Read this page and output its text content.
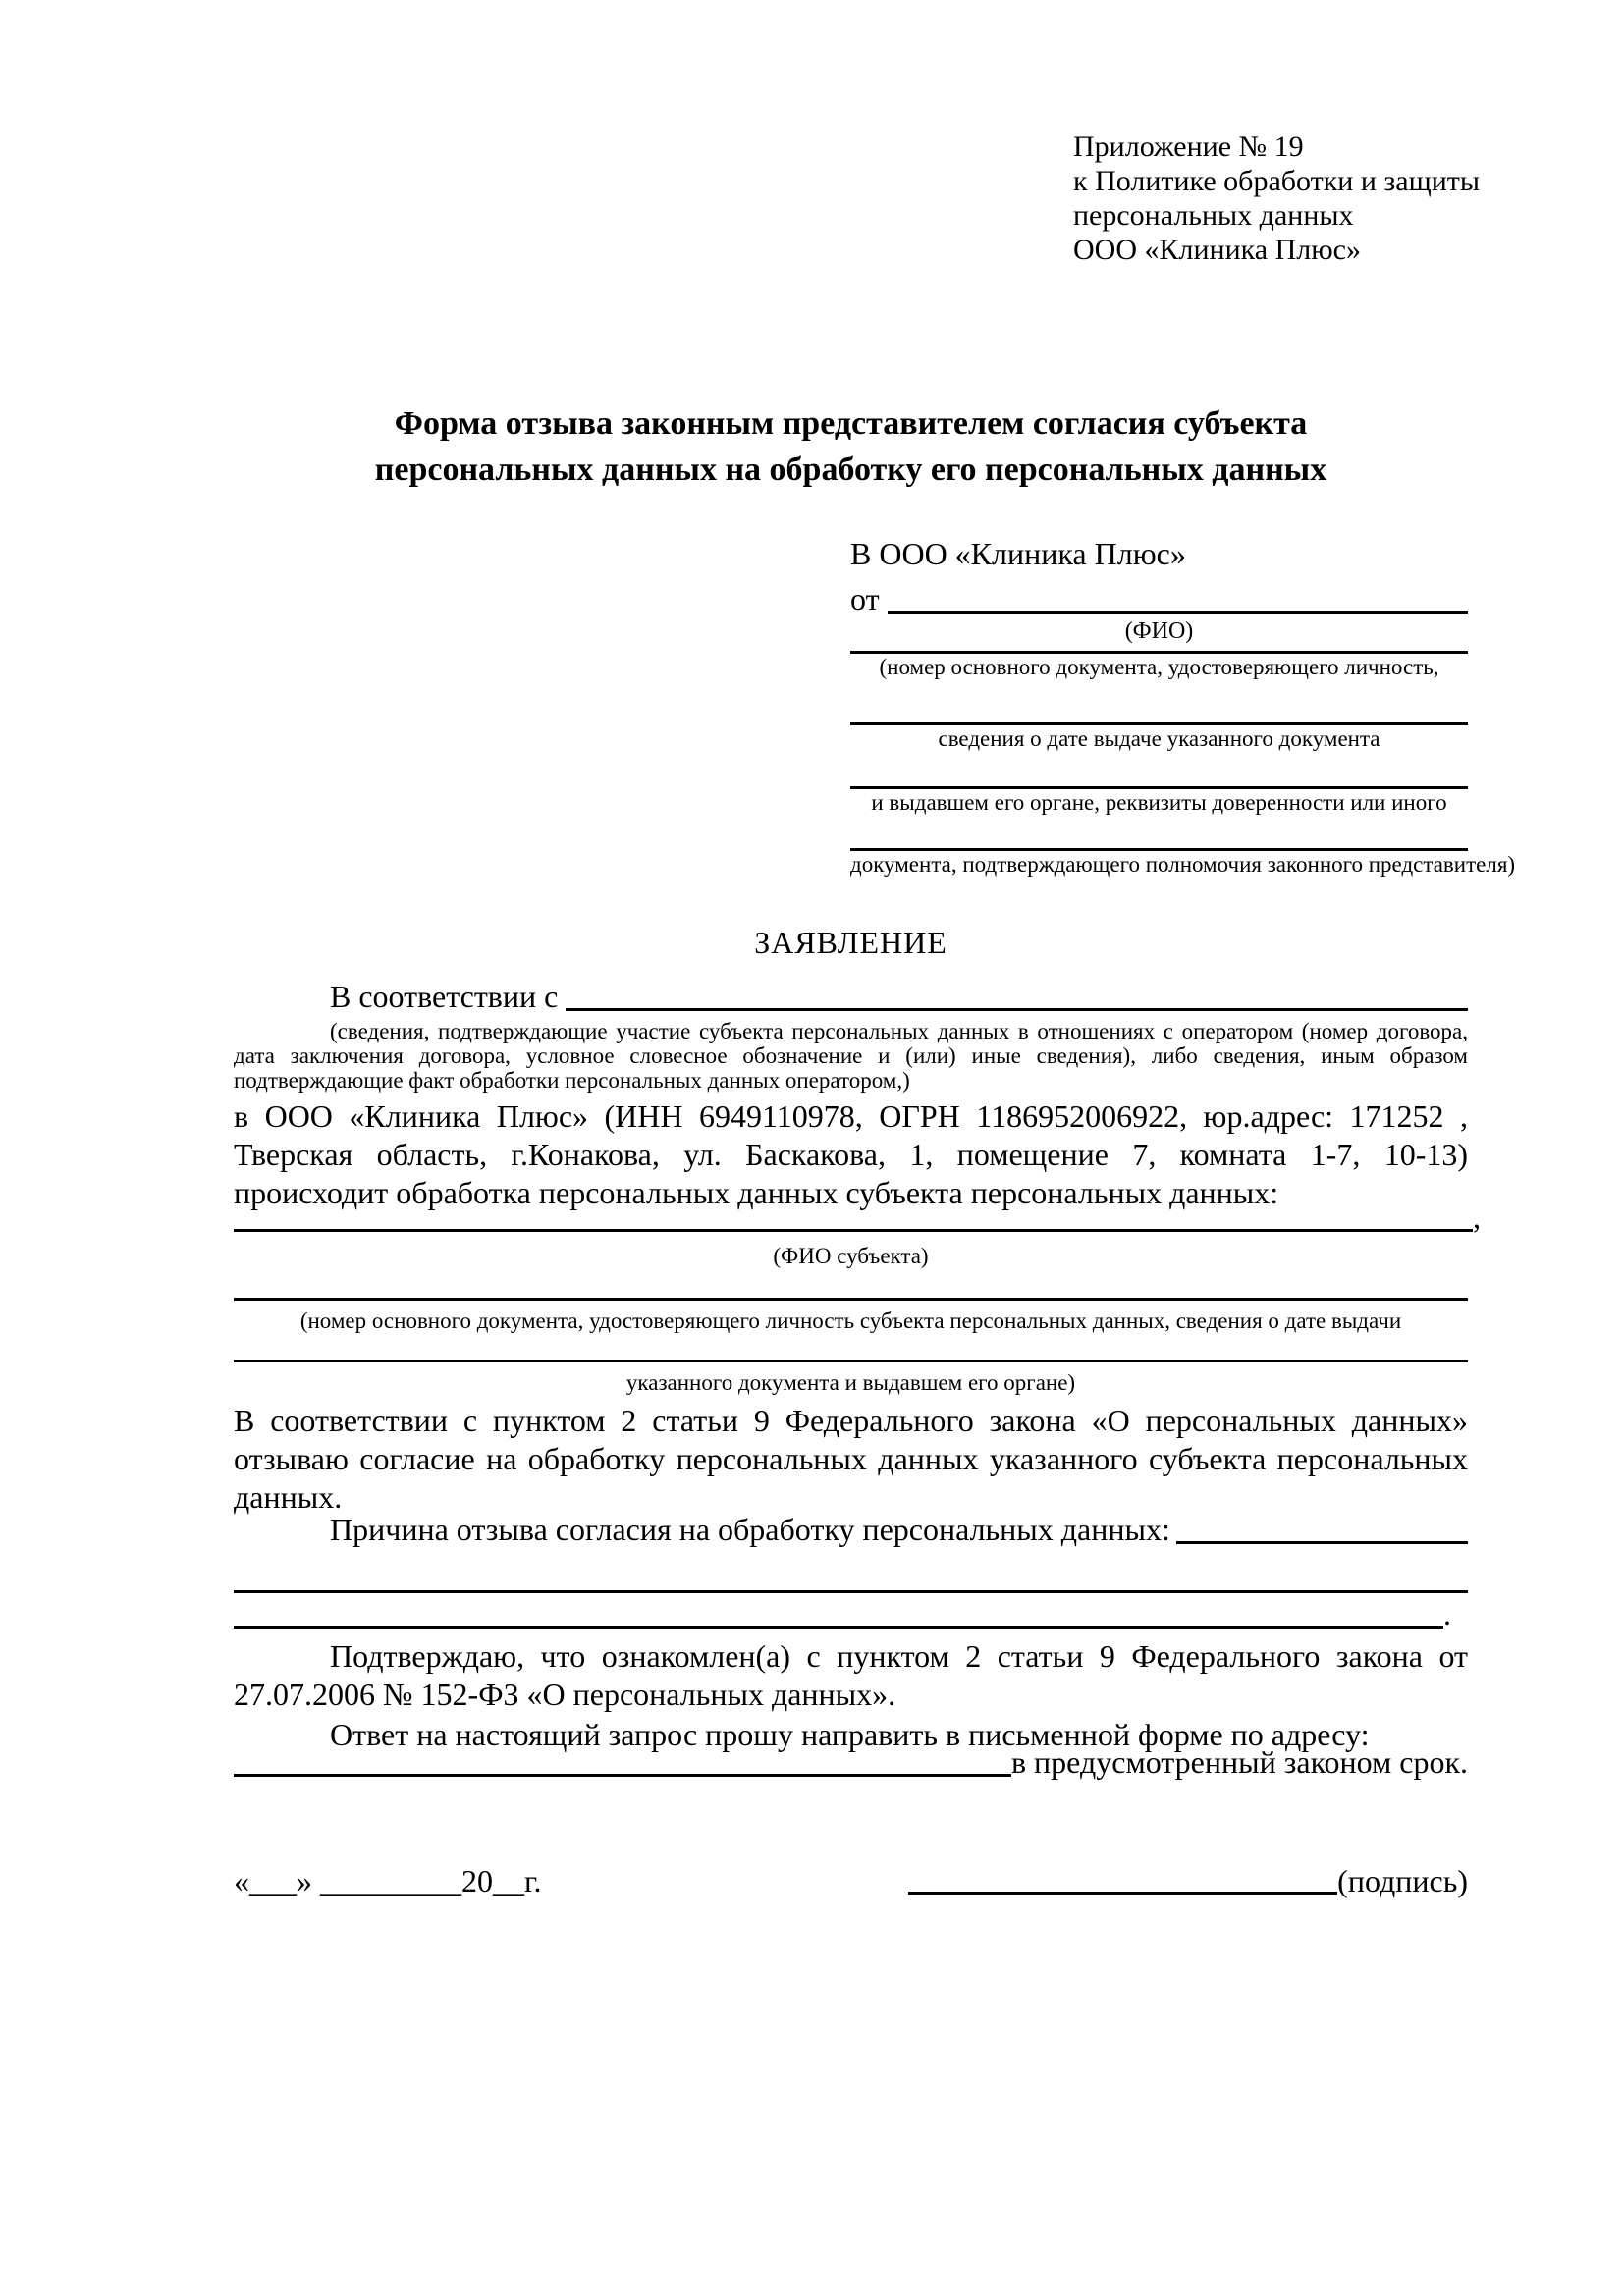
Приложение № 19
к Политике обработки и защиты
персональных данных
ООО «Клиника Плюс»
Форма отзыва законным представителем согласия субъекта
персональных данных на обработку его персональных данных
В ООО «Клиника Плюс»
от
(ФИО)
(номер основного документа, удостоверяющего личность,
сведения о дате выдаче указанного документа
и выдавшем его органе, реквизиты доверенности или иного
документа, подтверждающего полномочия законного представителя)
ЗАЯВЛЕНИЕ
В соответствии с
(сведения, подтверждающие участие субъекта персональных данных в отношениях с оператором (номер договора, дата заключения договора, условное словесное обозначение и (или) иные сведения), либо сведения, иным образом подтверждающие факт обработки персональных данных оператором,)
в ООО «Клиника Плюс» (ИНН 6949110978, ОГРН 1186952006922, юр.адрес: 171252 , Тверская область, г.Конакова, ул. Баскакова, 1, помещение 7, комната 1-7, 10-13) происходит обработка персональных данных субъекта персональных данных:
,
(ФИО субъекта)
(номер основного документа, удостоверяющего личность субъекта персональных данных, сведения о дате выдачи
указанного документа и выдавшем его органе)
В соответствии с пунктом 2 статьи 9 Федерального закона «О персональных данных» отзываю согласие на обработку персональных данных указанного субъекта персональных данных.
Причина отзыва согласия на обработку персональных данных:
.
Подтверждаю, что ознакомлен(а) с пунктом 2 статьи 9 Федерального закона от 27.07.2006 № 152-ФЗ «О персональных данных».
Ответ на настоящий запрос прошу направить в письменной форме по адресу:
в предусмотренный законом срок.
«___» _________20__г.	(подпись)
